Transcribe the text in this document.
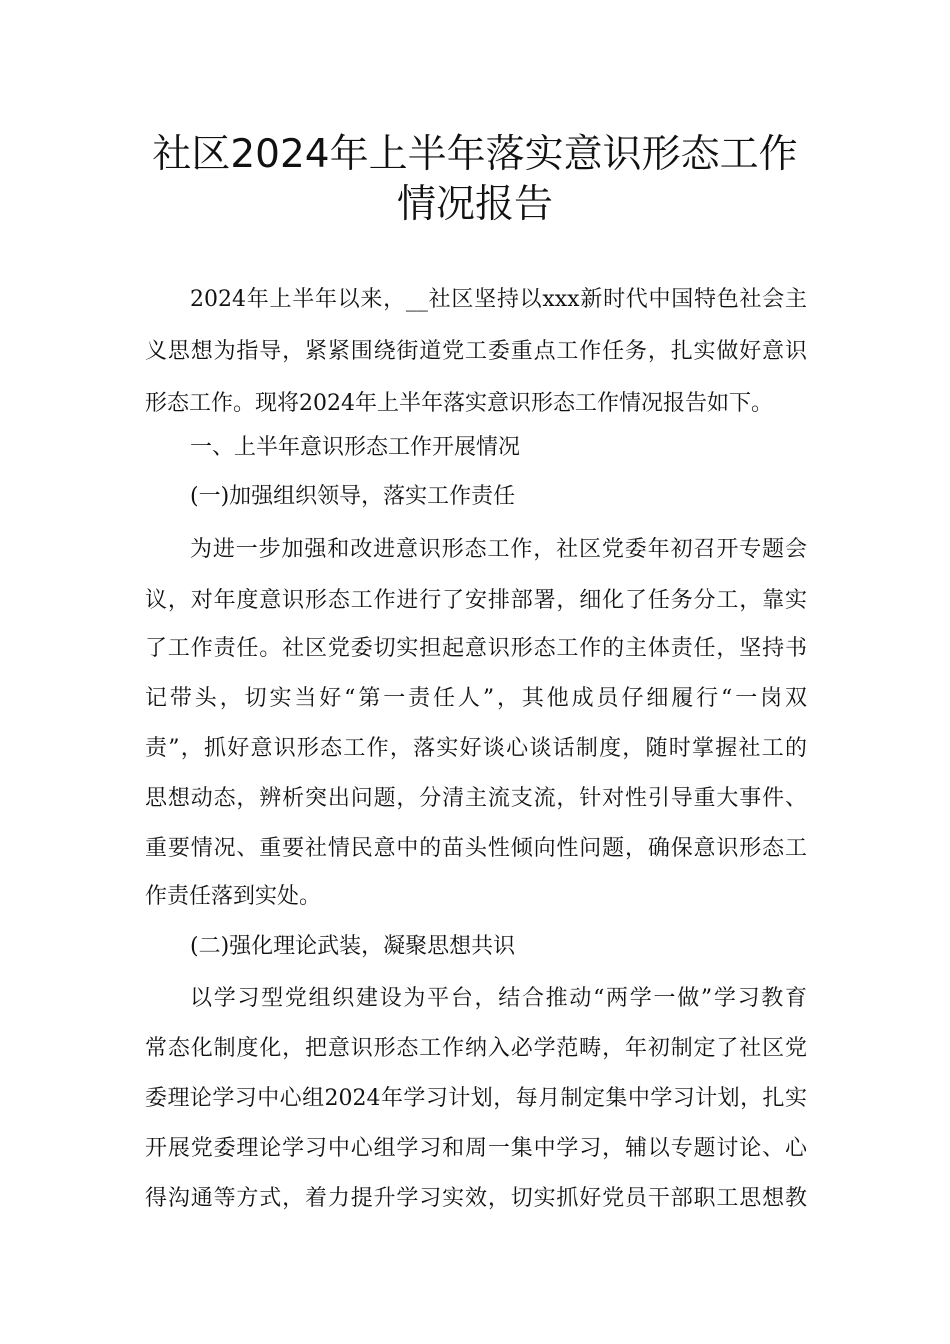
社区2024年上半年落实意识形态工作
情况报告
2024年上半年以来，__社区坚持以xxx新时代中国特色社会主
义思想为指导，紧紧围绕街道党工委重点工作任务，扎实做好意识
形态工作。现将2024年上半年落实意识形态工作情况报告如下。
一、上半年意识形态工作开展情况
(一)加强组织领导，落实工作责任
为进一步加强和改进意识形态工作，社区党委年初召开专题会
议，对年度意识形态工作进行了安排部署，细化了任务分工，靠实
了工作责任。社区党委切实担起意识形态工作的主体责任，坚持书
记带头，切实当好“第一责任人”，其他成员仔细履行“一岗双
责”，抓好意识形态工作，落实好谈心谈话制度，随时掌握社工的
思想动态，辨析突出问题，分清主流支流，针对性引导重大事件、
重要情况、重要社情民意中的苗头性倾向性问题，确保意识形态工
作责任落到实处。
(二)强化理论武装，凝聚思想共识
以学习型党组织建设为平台，结合推动“两学一做”学习教育
常态化制度化，把意识形态工作纳入必学范畴，年初制定了社区党
委理论学习中心组2024年学习计划，每月制定集中学习计划，扎实
开展党委理论学习中心组学习和周一集中学习，辅以专题讨论、心
得沟通等方式，着力提升学习实效，切实抓好党员干部职工思想教
